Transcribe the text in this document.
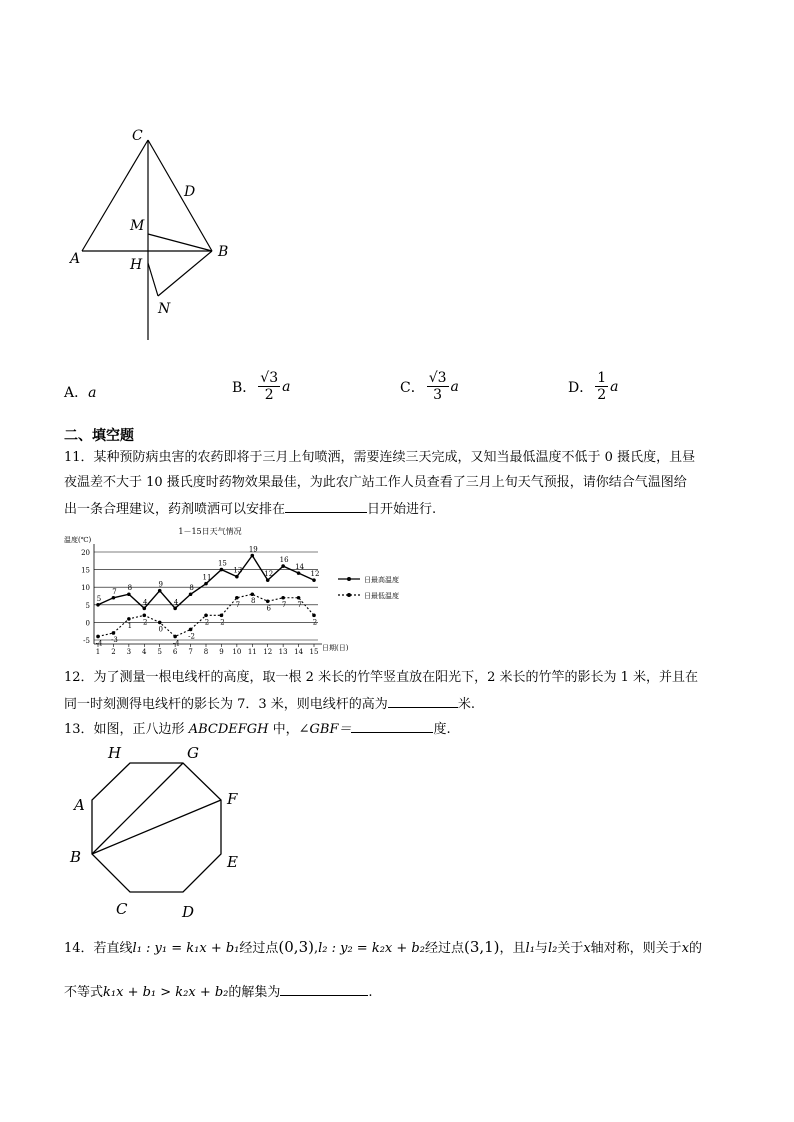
C
D
M
A	H
B
N
A．a	B． $\frac{√3}{2}$ a	C． $\frac{√3}{3}$ a	D． $\frac{1}{2}$ a
二、填空题
11．某种预防病虫害的农药即将于三月上旬喷洒，需要连续三天完成，又知当最低温度不低于 0 摄氏度，且昼
夜温差不大于 10 摄氏度时药物效果最佳，为此农广站工作人员查看了三月上旬天气预报，请你结合气温图给
出一条合理建议，药剂喷洒可以安排在	日开始进行.
1－15日天气情况
温度(℃)
日期(日)
-5
0
5
10
15
20
1 2 3 4 5 6 7 8 9 10 11 12 13 14 15
5
7 8
4
9
4
8
11
15
13
19
12
16
14
12
-4 -3
1 2
0
-4
-2
2 2
7 8
6 7 7
2
日最高温度
日最低温度
12．为了测量一根电线杆的高度，取一根 2 米长的竹竿竖直放在阳光下，2 米长的竹竿的影长为 1 米，并且在
同一时刻测得电线杆的影长为 7．3 米，则电线杆的高为	米.
13．如图，正八边形 ABCDEFGH 中，∠GBF＝	度.
H	G
A	F
B	E
C	D
14．若直线l₁ : y₁ = k₁x + b₁经过点(0,3),l₂ : y₂ = k₂x + b₂经过点(3,1)，且l₁与l₂关于x轴对称，则关于x的
不等式k₁x + b₁ > k₂x + b₂的解集为	.
